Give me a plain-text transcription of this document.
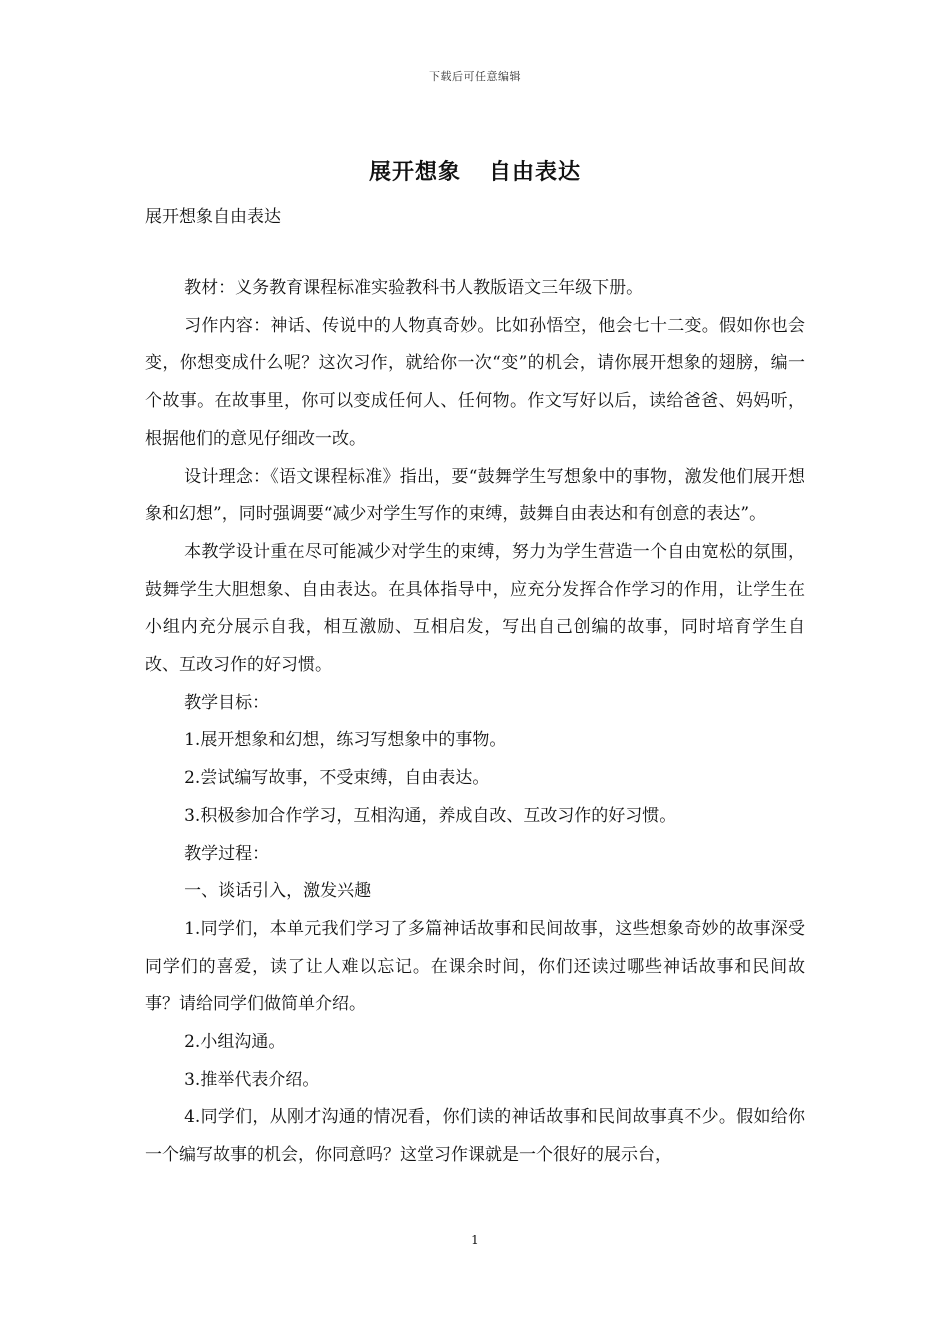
下载后可任意编辑
展开想象 自由表达
展开想象自由表达

教材：义务教育课程标准实验教科书人教版语文三年级下册。

习作内容：神话、传说中的人物真奇妙。比如孙悟空，他会七十二变。假如你也会变，你想变成什么呢？这次习作，就给你一次“变”的机会，请你展开想象的翅膀，编一个故事。在故事里，你可以变成任何人、任何物。作文写好以后，读给爸爸、妈妈听，根据他们的意见仔细改一改。

设计理念：《语文课程标准》指出，要“鼓舞学生写想象中的事物，激发他们展开想象和幻想”，同时强调要“减少对学生写作的束缚，鼓舞自由表达和有创意的表达”。

本教学设计重在尽可能减少对学生的束缚，努力为学生营造一个自由宽松的氛围，鼓舞学生大胆想象、自由表达。在具体指导中，应充分发挥合作学习的作用，让学生在小组内充分展示自我，相互激励、互相启发，写出自己创编的故事，同时培育学生自改、互改习作的好习惯。

教学目标：

1.展开想象和幻想，练习写想象中的事物。

2.尝试编写故事，不受束缚，自由表达。

3.积极参加合作学习，互相沟通，养成自改、互改习作的好习惯。

教学过程：

一、谈话引入，激发兴趣

1.同学们，本单元我们学习了多篇神话故事和民间故事，这些想象奇妙的故事深受同学们的喜爱，读了让人难以忘记。在课余时间，你们还读过哪些神话故事和民间故事？请给同学们做简单介绍。

2.小组沟通。

3.推举代表介绍。

4.同学们，从刚才沟通的情况看，你们读的神话故事和民间故事真不少。假如给你一个编写故事的机会，你同意吗？这堂习作课就是一个很好的展示台，

1
